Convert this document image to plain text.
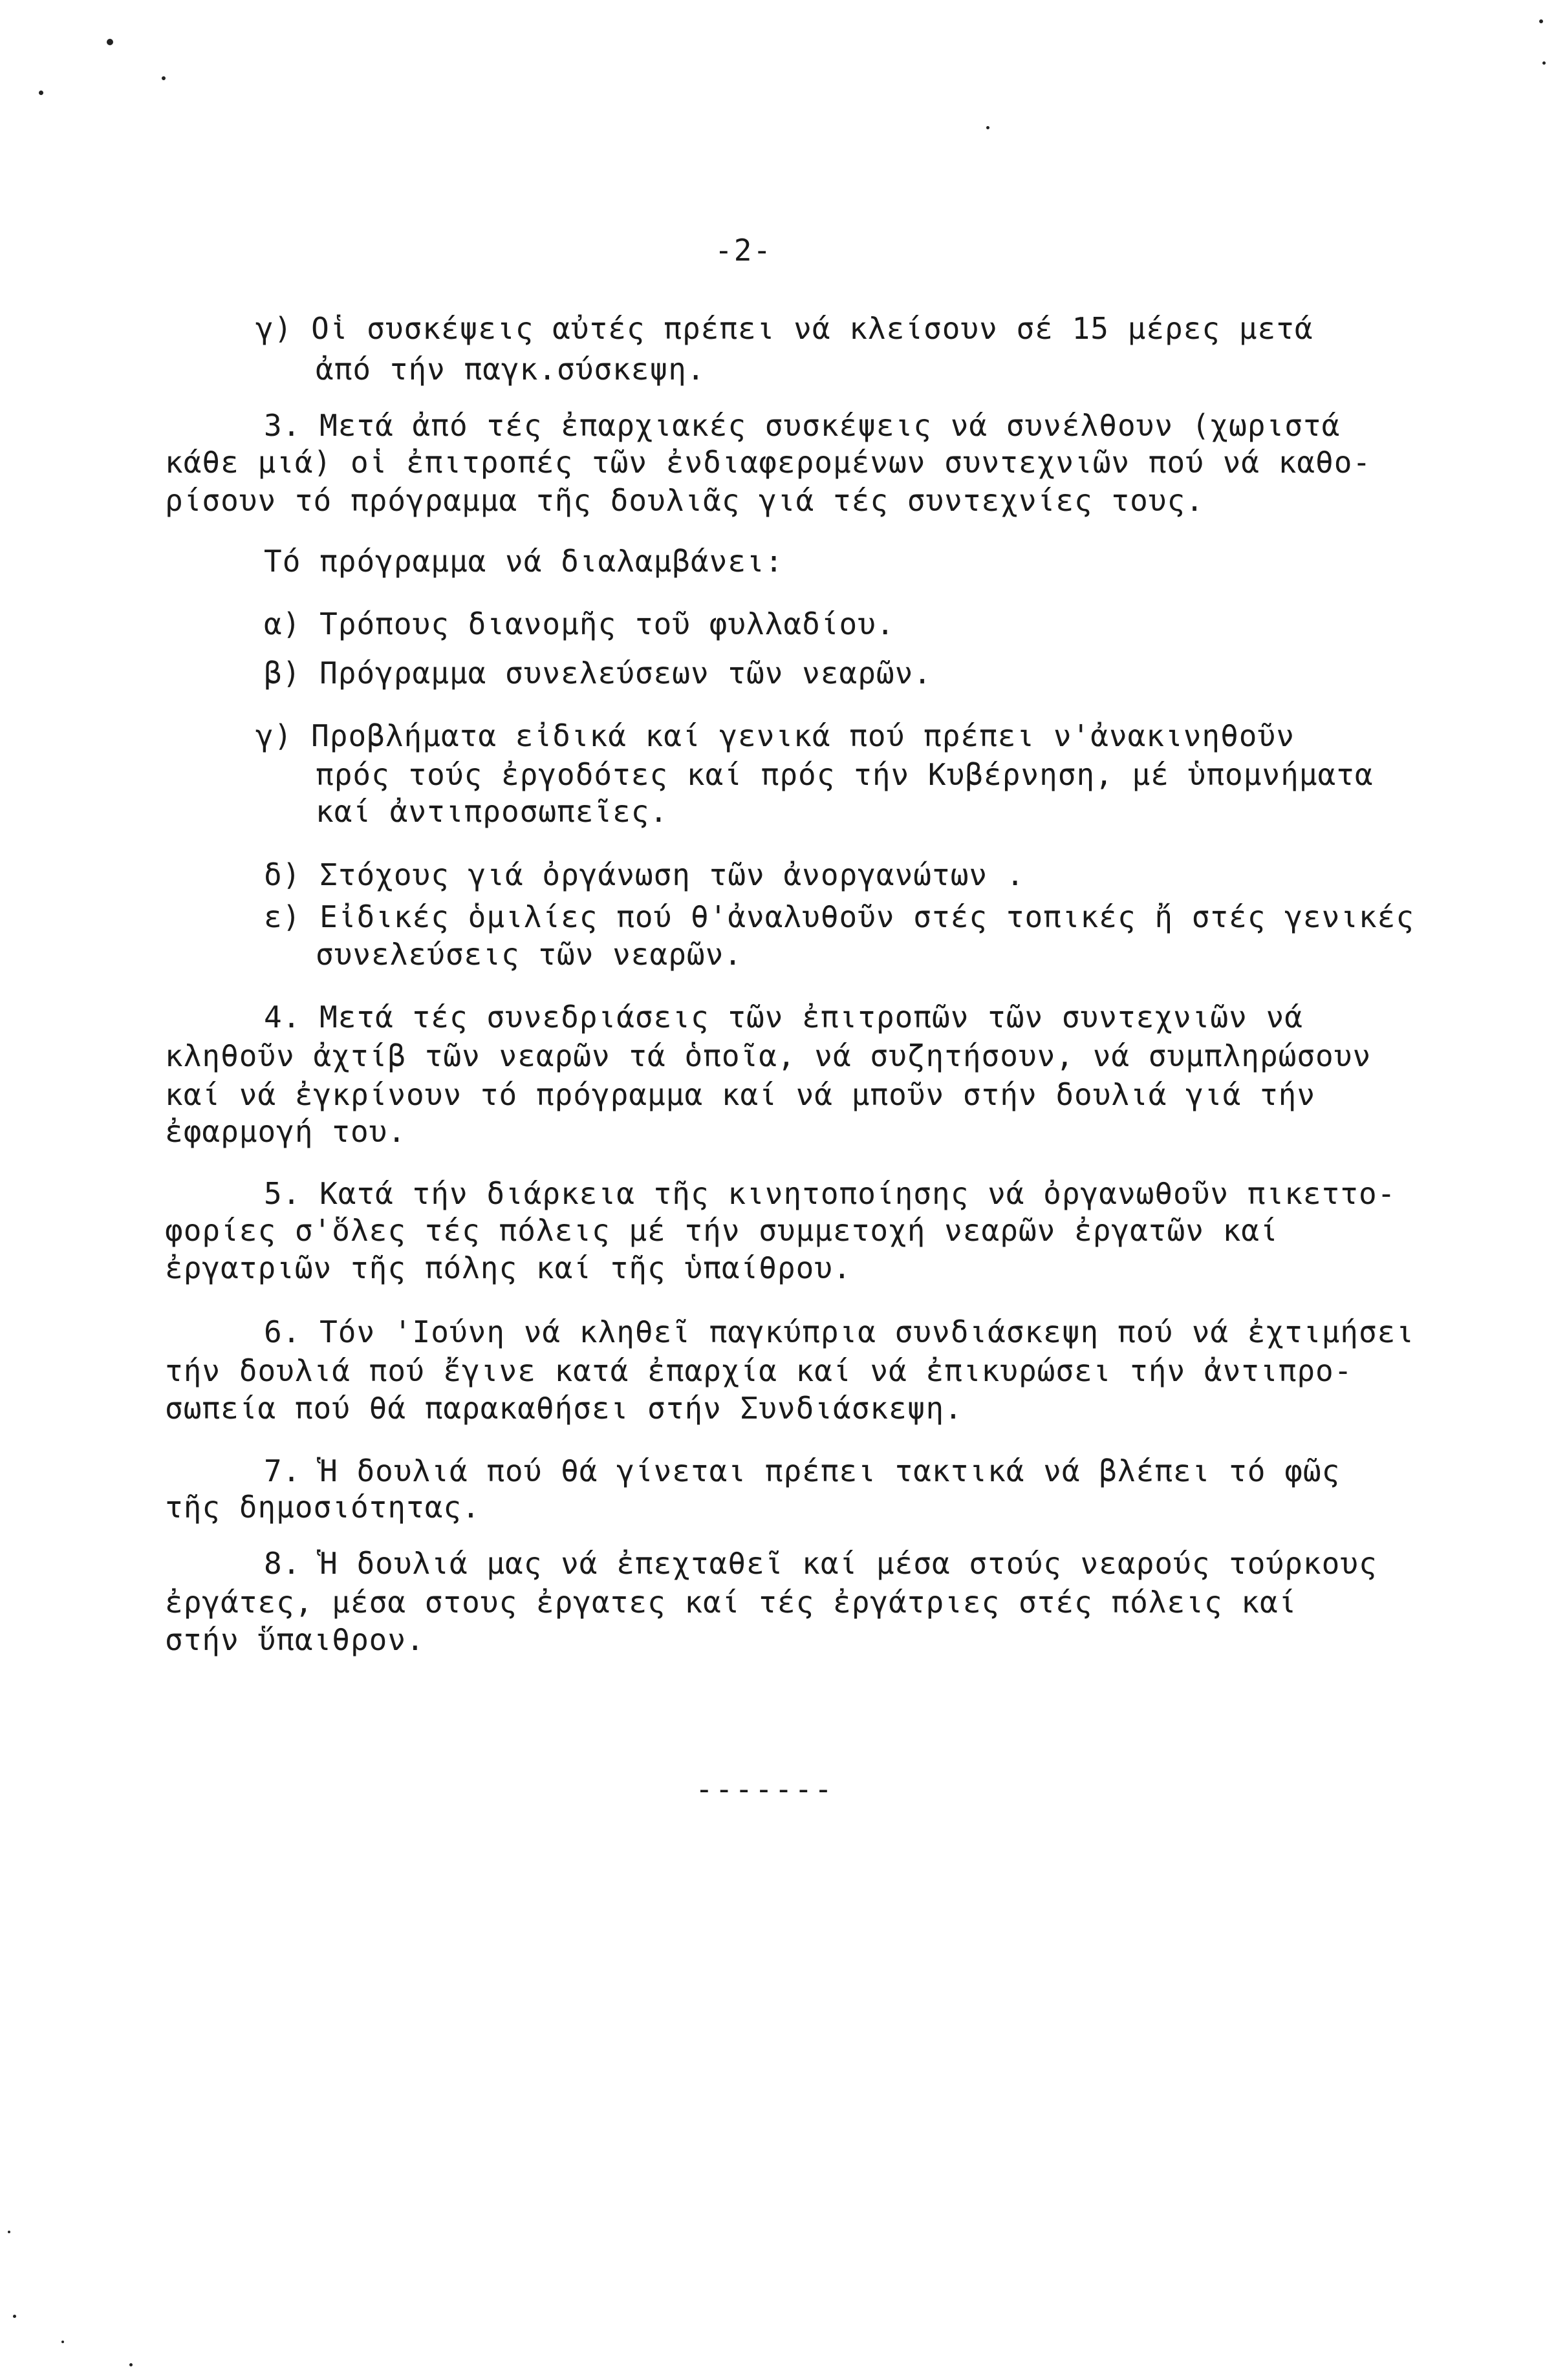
-2-
γ) Οἱ συσκέψεις αὐτές πρέπει νά κλείσουν σέ 15 μέρες μετά
ἀπό τήν παγκ.σύσκεψη.
3. Μετά ἀπό τές ἐπαρχιακές συσκέψεις νά συνέλθουν (χωριστά
κάθε μιά) οἱ ἐπιτροπές τῶν ἐνδιαφερομένων συντεχνιῶν πού νά καθο-
ρίσουν τό πρόγραμμα τῆς δουλιᾶς γιά τές συντεχνίες τους.
Τό πρόγραμμα νά διαλαμβάνει:
α) Τρόπους διανομῆς τοῦ φυλλαδίου.
β) Πρόγραμμα συνελεύσεων τῶν νεαρῶν.
γ) Προβλήματα εἰδικά καί γενικά πού πρέπει ν'ἀνακινηθοῦν
πρός τούς ἐργοδότες καί πρός τήν Κυβέρνηση, μέ ὑπομνήματα
καί ἀντιπροσωπεῖες.
δ) Στόχους γιά ὀργάνωση τῶν ἀνοργανώτων .
ε) Εἰδικές ὁμιλίες πού θ'ἀναλυθοῦν στές τοπικές ἤ στές γενικές
συνελεύσεις τῶν νεαρῶν.
4. Μετά τές συνεδριάσεις τῶν ἐπιτροπῶν τῶν συντεχνιῶν νά
κληθοῦν ἀχτίβ τῶν νεαρῶν τά ὁποῖα, νά συζητήσουν, νά συμπληρώσουν
καί νά ἐγκρίνουν τό πρόγραμμα καί νά μποῦν στήν δουλιά γιά τήν
ἐφαρμογή του.
5. Κατά τήν διάρκεια τῆς κινητοποίησης νά ὀργανωθοῦν πικεττο-
φορίες σ'ὅλες τές πόλεις μέ τήν συμμετοχή νεαρῶν ἐργατῶν καί
ἐργατριῶν τῆς πόλης καί τῆς ὑπαίθρου.
6. Τόν 'Ιούνη νά κληθεῖ παγκύπρια συνδιάσκεψη πού νά ἐχτιμήσει
τήν δουλιά πού ἔγινε κατά ἐπαρχία καί νά ἐπικυρώσει τήν ἀντιπρο-
σωπεία πού θά παρακαθήσει στήν Συνδιάσκεψη.
7. Ἡ δουλιά πού θά γίνεται πρέπει τακτικά νά βλέπει τό φῶς
τῆς δημοσιότητας.
8. Ἡ δουλιά μας νά ἐπεχταθεῖ καί μέσα στούς νεαρούς τούρκους
ἐργάτες, μέσα στους ἐργατες καί τές ἐργάτριες στές πόλεις καί
στήν ὕπαιθρον.
-------
